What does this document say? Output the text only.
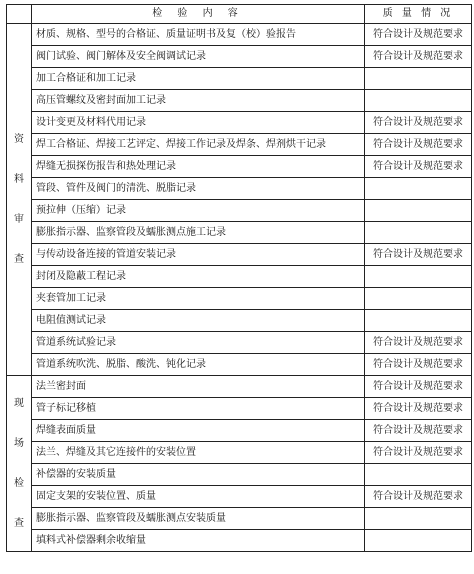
	检 验 内 容	质 量 情 况

资
料
审
查	材质、规格、型号的合格证、质量证明书及复（校）验报告	符合设计及规范要求
	阀门试验、阀门解体及安全阀调试记录	符合设计及规范要求
	加工合格证和加工记录	
	高压管螺纹及密封面加工记录	
	设计变更及材料代用记录	符合设计及规范要求
	焊工合格证、焊接工艺评定、焊接工作记录及焊条、焊剂烘干记录	符合设计及规范要求
	焊缝无损探伤报告和热处理记录	符合设计及规范要求
	管段、管件及阀门的清洗、脱脂记录	
	预拉伸（压缩）记录	
	膨胀指示器、监察管段及蠕胀测点施工记录	
	与传动设备连接的管道安装记录	符合设计及规范要求
	封闭及隐蔽工程记录	
	夹套管加工记录	
	电阻值测试记录	
	管道系统试验记录	符合设计及规范要求
	管道系统吹洗、脱脂、酸洗、钝化记录	符合设计及规范要求

现
场
检
查	法兰密封面	符合设计及规范要求
	管子标记移植	符合设计及规范要求
	焊缝表面质量	符合设计及规范要求
	法兰、焊缝及其它连接件的安装位置	符合设计及规范要求
	补偿器的安装质量	
	固定支架的安装位置、质量	符合设计及规范要求
	膨胀指示器、监察管段及蠕胀测点安装质量	
	填料式补偿器剩余收缩量	
